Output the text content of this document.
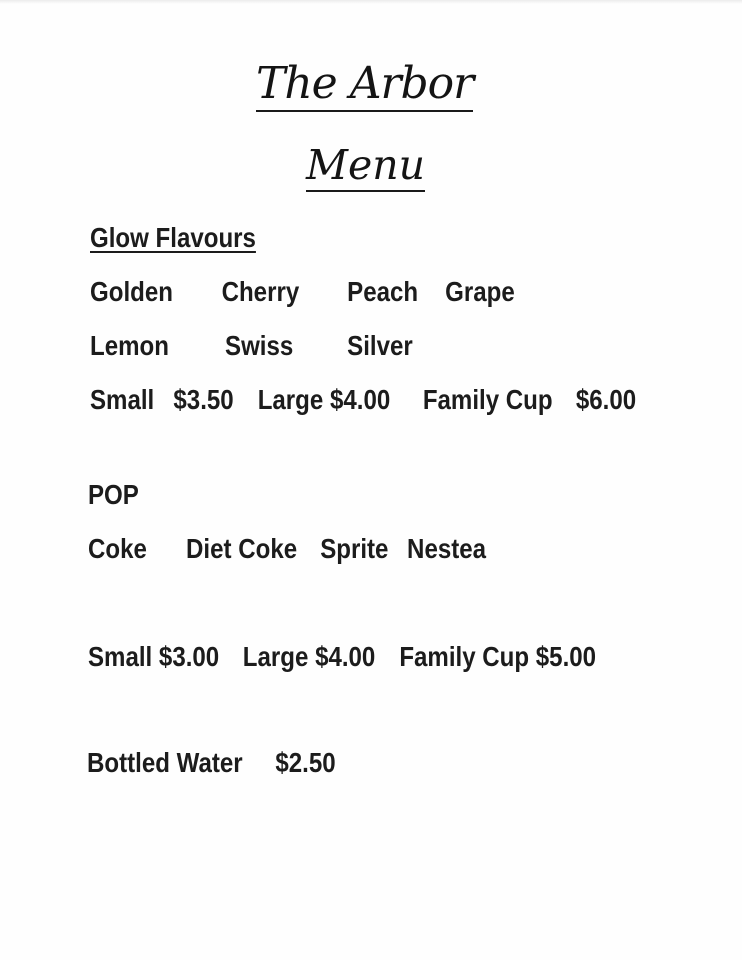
The Arbor
Menu
Glow Flavours
Golden Cherry Peach Grape
Lemon Swiss Silver
Small $3.50 Large $4.00 Family Cup $6.00
POP
Coke Diet Coke Sprite Nestea
Small $3.00 Large $4.00 Family Cup $5.00
Bottled Water $2.50
